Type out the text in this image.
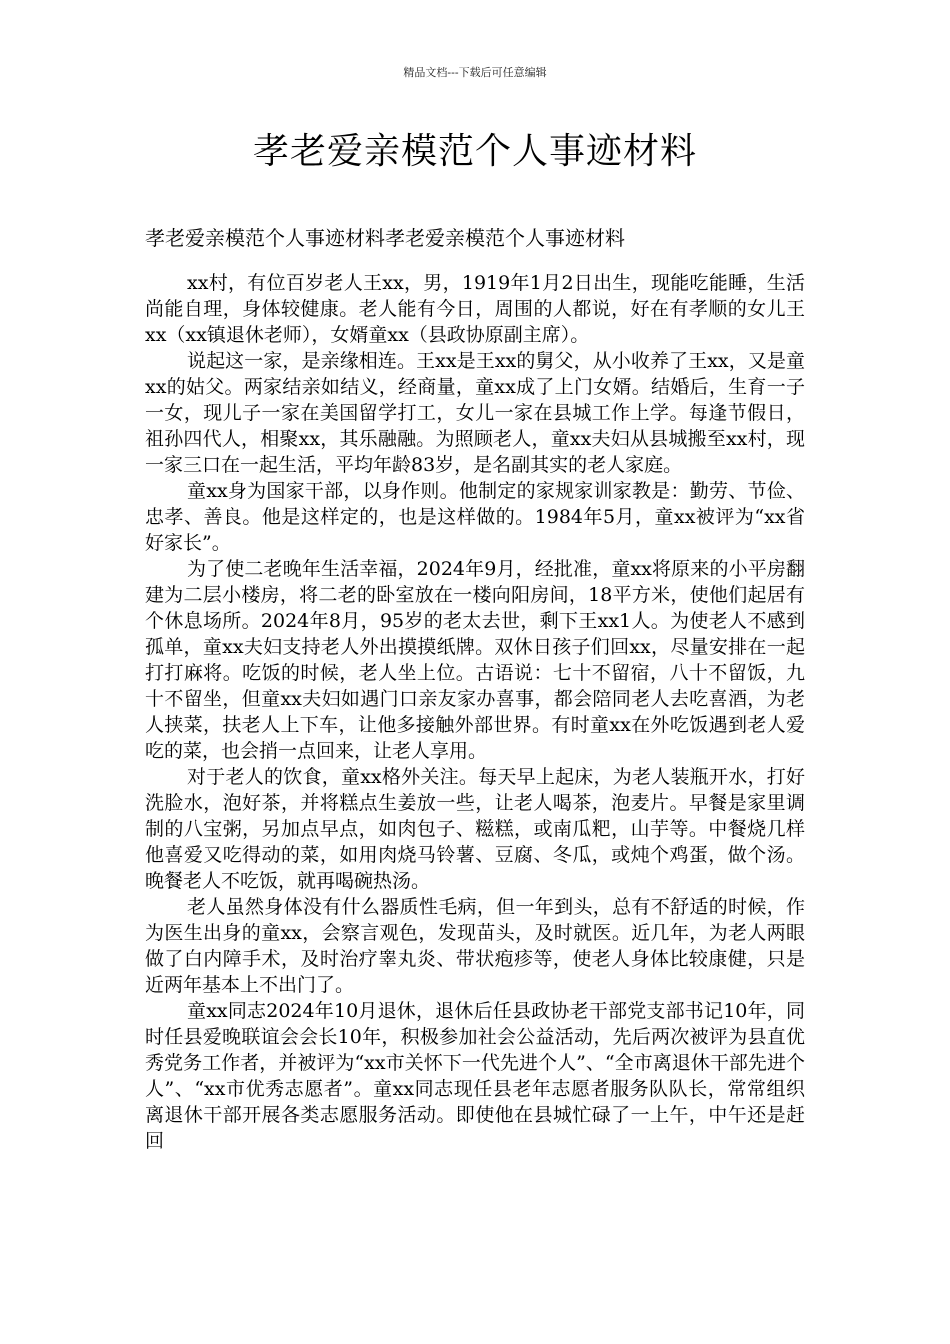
精品文档---下载后可任意编辑
孝老爱亲模范个人事迹材料

孝老爱亲模范个人事迹材料孝老爱亲模范个人事迹材料

xx村，有位百岁老人王xx，男，1919年1月2日出生，现能吃能睡，生活尚能自理，身体较健康。老人能有今日，周围的人都说，好在有孝顺的女儿王xx（xx镇退休老师），女婿童xx（县政协原副主席）。

说起这一家，是亲缘相连。王xx是王xx的舅父，从小收养了王xx，又是童xx的姑父。两家结亲如结义，经商量，童xx成了上门女婿。结婚后，生育一子一女，现儿子一家在美国留学打工，女儿一家在县城工作上学。每逢节假日，祖孙四代人，相聚xx，其乐融融。为照顾老人，童xx夫妇从县城搬至xx村，现一家三口在一起生活，平均年龄83岁，是名副其实的老人家庭。

童xx身为国家干部，以身作则。他制定的家规家训家教是：勤劳、节俭、忠孝、善良。他是这样定的，也是这样做的。1984年5月，童xx被评为“xx省好家长”。

为了使二老晚年生活幸福，2024年9月，经批准，童xx将原来的小平房翻建为二层小楼房，将二老的卧室放在一楼向阳房间，18平方米，使他们起居有个休息场所。2024年8月，95岁的老太去世，剩下王xx1人。为使老人不感到孤单，童xx夫妇支持老人外出摸摸纸牌。双休日孩子们回xx，尽量安排在一起打打麻将。吃饭的时候，老人坐上位。古语说：七十不留宿，八十不留饭，九十不留坐，但童xx夫妇如遇门口亲友家办喜事，都会陪同老人去吃喜酒，为老人挟菜，扶老人上下车，让他多接触外部世界。有时童xx在外吃饭遇到老人爱吃的菜，也会捎一点回来，让老人享用。

对于老人的饮食，童xx格外关注。每天早上起床，为老人装瓶开水，打好洗脸水，泡好茶，并将糕点生姜放一些，让老人喝茶，泡麦片。早餐是家里调制的八宝粥，另加点早点，如肉包子、糍糕，或南瓜粑，山芋等。中餐烧几样他喜爱又吃得动的菜，如用肉烧马铃薯、豆腐、冬瓜，或炖个鸡蛋，做个汤。晚餐老人不吃饭，就再喝碗热汤。

老人虽然身体没有什么器质性毛病，但一年到头，总有不舒适的时候，作为医生出身的童xx，会察言观色，发现苗头，及时就医。近几年，为老人两眼做了白内障手术，及时治疗睾丸炎、带状疱疹等，使老人身体比较康健，只是近两年基本上不出门了。

童xx同志2024年10月退休，退休后任县政协老干部党支部书记10年，同时任县爱晚联谊会会长10年，积极参加社会公益活动，先后两次被评为县直优秀党务工作者，并被评为“xx市关怀下一代先进个人”、“全市离退休干部先进个人”、“xx市优秀志愿者”。童xx同志现任县老年志愿者服务队队长，常常组织离退休干部开展各类志愿服务活动。即使他在县城忙碌了一上午，中午还是赶回
